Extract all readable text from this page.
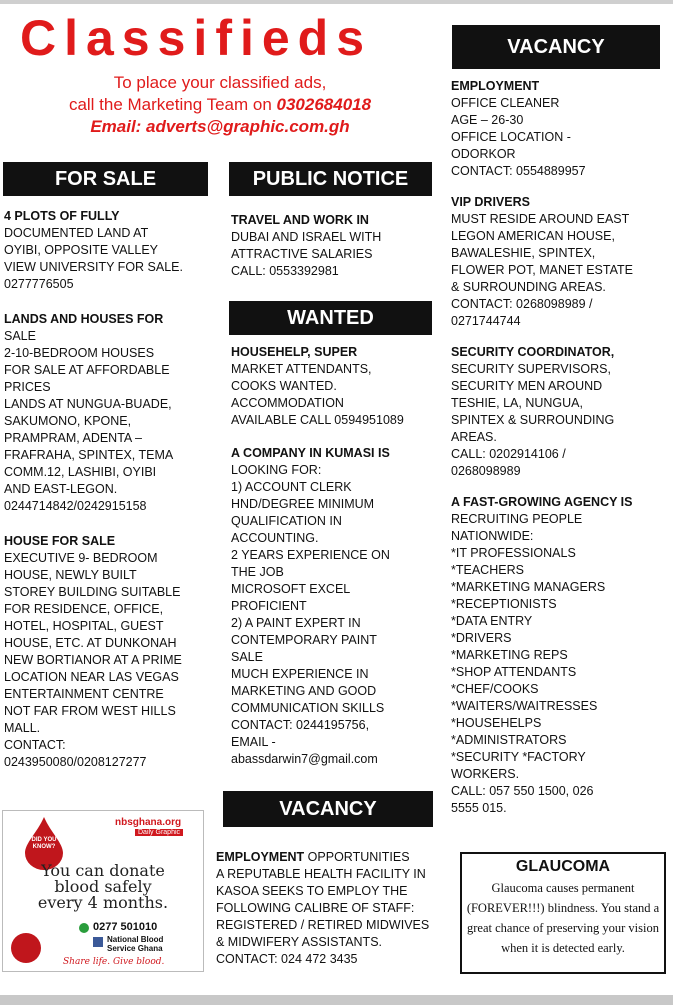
Classifieds
To place your classified ads,
call the Marketing Team on 0302684018
Email: adverts@graphic.com.gh
FOR SALE
4 PLOTS OF FULLY
DOCUMENTED LAND AT
OYIBI, OPPOSITE VALLEY
VIEW UNIVERSITY FOR SALE.
0277776505
LANDS AND HOUSES FOR
SALE
2-10-BEDROOM HOUSES
FOR SALE AT AFFORDABLE
PRICES
LANDS AT NUNGUA-BUADE,
SAKUMONO, KPONE,
PRAMPRAM, ADENTA –
FRAFRAHA, SPINTEX, TEMA
COMM.12, LASHIBI, OYIBI
AND EAST-LEGON.
0244714842/0242915158
HOUSE FOR SALE
EXECUTIVE 9- BEDROOM
HOUSE, NEWLY BUILT
STOREY BUILDING SUITABLE
FOR RESIDENCE, OFFICE,
HOTEL, HOSPITAL, GUEST
HOUSE, ETC. AT DUNKONAH
NEW BORTIANOR AT A PRIME
LOCATION NEAR LAS VEGAS
ENTERTAINMENT CENTRE
NOT FAR FROM WEST HILLS
MALL.
CONTACT:
0243950080/0208127277
PUBLIC NOTICE
TRAVEL AND WORK IN
DUBAI AND ISRAEL WITH
ATTRACTIVE SALARIES
CALL: 0553392981
WANTED
HOUSEHELP, SUPER
MARKET ATTENDANTS,
COOKS WANTED.
ACCOMMODATION
AVAILABLE CALL 0594951089
A COMPANY IN KUMASI IS
LOOKING FOR:
1) ACCOUNT CLERK
HND/DEGREE MINIMUM
QUALIFICATION IN
ACCOUNTING.
2 YEARS EXPERIENCE ON
THE JOB
MICROSOFT EXCEL
PROFICIENT
2) A PAINT EXPERT IN
CONTEMPORARY PAINT
SALE
MUCH EXPERIENCE IN
MARKETING AND GOOD
COMMUNICATION SKILLS
CONTACT: 0244195756,
EMAIL -
abassdarwin7@gmail.com
VACANCY
EMPLOYMENT OPPORTUNITIES
A REPUTABLE HEALTH FACILITY IN
KASOA SEEKS TO EMPLOY THE
FOLLOWING CALIBRE OF STAFF:
REGISTERED / RETIRED MIDWIVES
& MIDWIFERY ASSISTANTS.
CONTACT: 024 472 3435
VACANCY
EMPLOYMENT
OFFICE CLEANER
AGE – 26-30
OFFICE LOCATION -
ODORKOR
CONTACT: 0554889957
VIP DRIVERS
MUST RESIDE AROUND EAST
LEGON AMERICAN HOUSE,
BAWALESHIE, SPINTEX,
FLOWER POT, MANET ESTATE
& SURROUNDING AREAS.
CONTACT: 0268098989 /
0271744744
SECURITY COORDINATOR,
SECURITY SUPERVISORS,
SECURITY MEN AROUND
TESHIE, LA, NUNGUA,
SPINTEX & SURROUNDING
AREAS.
CALL: 0202914106 /
0268098989
A FAST-GROWING AGENCY IS
RECRUITING PEOPLE
NATIONWIDE:
*IT PROFESSIONALS
*TEACHERS
*MARKETING MANAGERS
*RECEPTIONISTS
*DATA ENTRY
*DRIVERS
*MARKETING REPS
*SHOP ATTENDANTS
*CHEF/COOKS
*WAITERS/WAITRESSES
*HOUSEHELPS
*ADMINISTRATORS
*SECURITY *FACTORY
WORKERS.
CALL: 057 550 1500, 026
5555 015.
nbsghana.org
Daily Graphic
DID YOU KNOW?
You can donate
blood safely
every 4 months.
0277 501010
National Blood
Service Ghana
Share life. Give blood.
GLAUCOMA
Glaucoma causes permanent (FOREVER!!!) blindness. You stand a great chance of preserving your vision when it is detected early.
